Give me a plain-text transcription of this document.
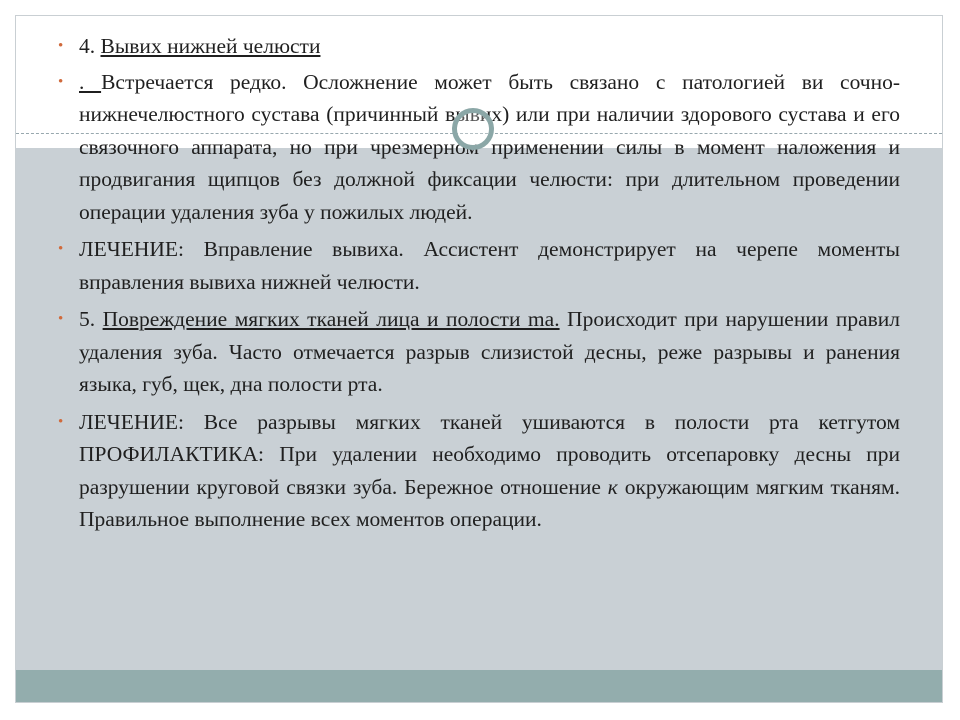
• 4. Вывих нижней челюсти
• . Встречается редко. Осложнение может быть связано с патологией ви сочно-нижнечелюстного сустава (причинный вывих) или при наличии здорового сустава и его связочного аппарата, но при чрезмерном применении силы в момент наложения и продвигания щипцов без должной фиксации челюсти: при длительном проведении операции удаления зуба у пожилых людей.
• ЛЕЧЕНИЕ: Вправление вывиха. Ассистент демонстрирует на черепе моменты вправления вывиха нижней челюсти.
• 5. Повреждение мягких тканей лица и полости ma. Происходит при нарушении правил удаления зуба. Часто отмечается разрыв слизистой десны, реже разрывы и ранения языка, губ, щек, дна полости рта.
• ЛЕЧЕНИЕ: Все разрывы мягких тканей ушиваются в полости рта кетгутом ПРОФИЛАКТИКА: При удалении необходимо проводить отсепаровку десны при разрушении круговой связки зуба. Бережное отношение к окружающим мягким тканям. Правильное выполнение всех моментов операции.
